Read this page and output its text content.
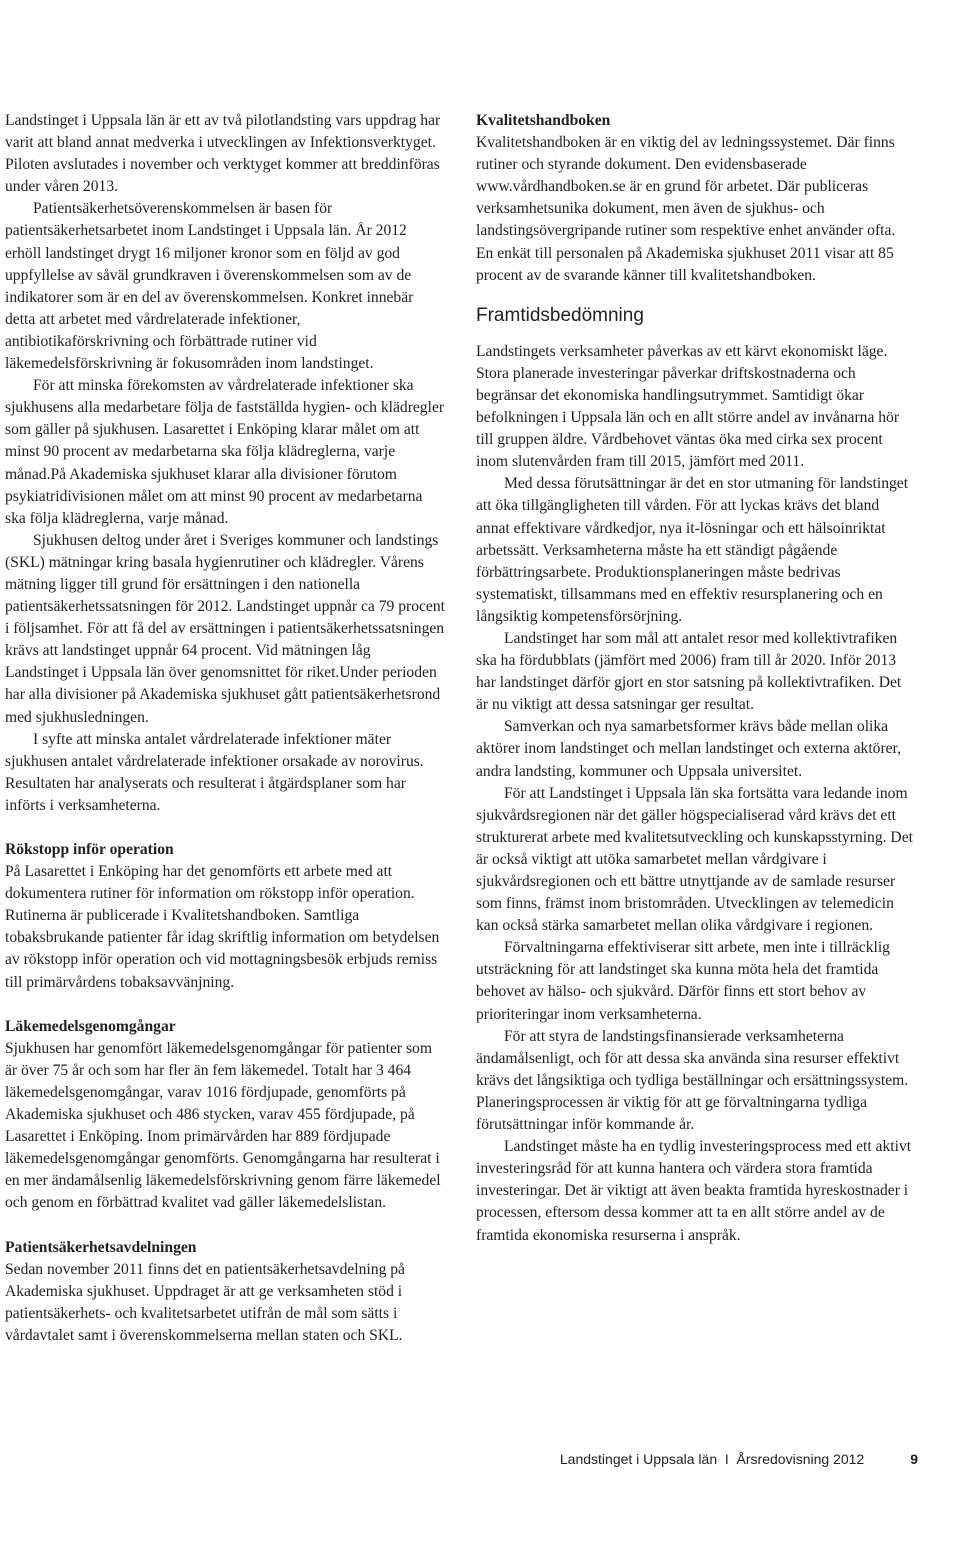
Landstinget i Uppsala län är ett av två pilotlandsting vars uppdrag har varit att bland annat medverka i utvecklingen av Infektionsverktyget. Piloten avslutades i november och verktyget kommer att breddinföras under våren 2013.

Patientsäkerhetsöverenskommelsen är basen för patientsäkerhetsarbetet inom Landstinget i Uppsala län. År 2012 erhöll landstinget drygt 16 miljoner kronor som en följd av god uppfyllelse av såväl grundkraven i överenskommelsen som av de indikatorer som är en del av överenskommelsen. Konkret innebär detta att arbetet med vårdrelaterade infektioner, antibiotikaförskrivning och förbättrade rutiner vid läkemedelsförskrivning är fokusområden inom landstinget.

För att minska förekomsten av vårdrelaterade infektioner ska sjukhusens alla medarbetare följa de fastställda hygien- och klädregler som gäller på sjukhusen. Lasarettet i Enköping klarar målet om att minst 90 procent av medarbetarna ska följa klädreglerna, varje månad.På Akademiska sjukhuset klarar alla divisioner förutom psykiatridivisionen målet om att minst 90 procent av medarbetarna ska följa klädreglerna, varje månad.

Sjukhusen deltog under året i Sveriges kommuner och landstings (SKL) mätningar kring basala hygienrutiner och klädregler. Vårens mätning ligger till grund för ersättningen i den nationella patientsäkerhetssatsningen för 2012. Landstinget uppnår ca 79 procent i följsamhet. För att få del av ersättningen i patientsäkerhetssatsningen krävs att landstinget uppnår 64 procent. Vid mätningen låg Landstinget i Uppsala län över genomsnittet för riket.Under perioden har alla divisioner på Akademiska sjukhuset gått patientsäkerhetsrond med sjukhusledningen.

I syfte att minska antalet vårdrelaterade infektioner mäter sjukhusen antalet vårdrelaterade infektioner orsakade av norovirus. Resultaten har analyserats och resulterat i åtgärdsplaner som har införts i verksamheterna.

Rökstopp inför operation

På Lasarettet i Enköping har det genomförts ett arbete med att dokumentera rutiner för information om rökstopp inför operation. Rutinerna är publicerade i Kvalitetshandboken. Samtliga tobaksbrukande patienter får idag skriftlig information om betydelsen av rökstopp inför operation och vid mottagningsbesök erbjuds remiss till primärvårdens tobaksavvänjning.

Läkemedelsgenomgångar

Sjukhusen har genomfört läkemedelsgenomgångar för patienter som är över 75 år och som har fler än fem läkemedel. Totalt har 3 464 läkemedelsgenomgångar, varav 1016 fördjupade, genomförts på Akademiska sjukhuset och 486 stycken, varav 455 fördjupade, på Lasarettet i Enköping. Inom primärvården har 889 fördjupade läkemedelsgenomgångar genomförts. Genomgångarna har resulterat i en mer ändamålsenlig läkemedelsförskrivning genom färre läkemedel och genom en förbättrad kvalitet vad gäller läkemedelslistan.

Patientsäkerhetsavdelningen

Sedan november 2011 finns det en patientsäkerhetsavdelning på Akademiska sjukhuset. Uppdraget är att ge verksamheten stöd i patientsäkerhets- och kvalitetsarbetet utifrån de mål som sätts i vårdavtalet samt i överenskommelserna mellan staten och SKL.

Kvalitetshandboken

Kvalitetshandboken är en viktig del av ledningssystemet. Där finns rutiner och styrande dokument. Den evidensbaserade www.vårdhandboken.se är en grund för arbetet. Där publiceras verksamhetsunika dokument, men även de sjukhus- och landstingsövergripande rutiner som respektive enhet använder ofta. En enkät till personalen på Akademiska sjukhuset 2011 visar att 85 procent av de svarande känner till kvalitetshandboken.

Framtidsbedömning

Landstingets verksamheter påverkas av ett kärvt ekonomiskt läge. Stora planerade investeringar påverkar driftskostnaderna och begränsar det ekonomiska handlingsutrymmet. Samtidigt ökar befolkningen i Uppsala län och en allt större andel av invånarna hör till gruppen äldre. Vårdbehovet väntas öka med cirka sex procent inom slutenvården fram till 2015, jämfört med 2011.

Med dessa förutsättningar är det en stor utmaning för landstinget att öka tillgängligheten till vården. För att lyckas krävs det bland annat effektivare vårdkedjor, nya it-lösningar och ett hälsoinriktat arbetssätt. Verksamheterna måste ha ett ständigt pågående förbättringsarbete. Produktionsplaneringen måste bedrivas systematiskt, tillsammans med en effektiv resursplanering och en långsiktig kompetensförsörjning.

Landstinget har som mål att antalet resor med kollektivtrafiken ska ha fördubblats (jämfört med 2006) fram till år 2020. Inför 2013 har landstinget därför gjort en stor satsning på kollektivtrafiken. Det är nu viktigt att dessa satsningar ger resultat.

Samverkan och nya samarbetsformer krävs både mellan olika aktörer inom landstinget och mellan landstinget och externa aktörer, andra landsting, kommuner och Uppsala universitet.

För att Landstinget i Uppsala län ska fortsätta vara ledande inom sjukvårdsregionen när det gäller högspecialiserad vård krävs det ett strukturerat arbete med kvalitetsutveckling och kunskapsstyrning. Det är också viktigt att utöka samarbetet mellan vårdgivare i sjukvårdsregionen och ett bättre utnyttjande av de samlade resurser som finns, främst inom bristområden. Utvecklingen av telemedicin kan också stärka samarbetet mellan olika vårdgivare i regionen.

Förvaltningarna effektiviserar sitt arbete, men inte i tillräcklig utsträckning för att landstinget ska kunna möta hela det framtida behovet av hälso- och sjukvård. Därför finns ett stort behov av prioriteringar inom verksamheterna.

För att styra de landstingsfinansierade verksamheterna ändamålsenligt, och för att dessa ska använda sina resurser effektivt krävs det långsiktiga och tydliga beställningar och ersättningssystem. Planeringsprocessen är viktig för att ge förvaltningarna tydliga förutsättningar inför kommande år.

Landstinget måste ha en tydlig investeringsprocess med ett aktivt investeringsråd för att kunna hantera och värdera stora framtida investeringar. Det är viktigt att även beakta framtida hyreskostnader i processen, eftersom dessa kommer att ta en allt större andel av de framtida ekonomiska resurserna i anspråk.

Landstinget i Uppsala län  I  Årsredovisning 2012	9
